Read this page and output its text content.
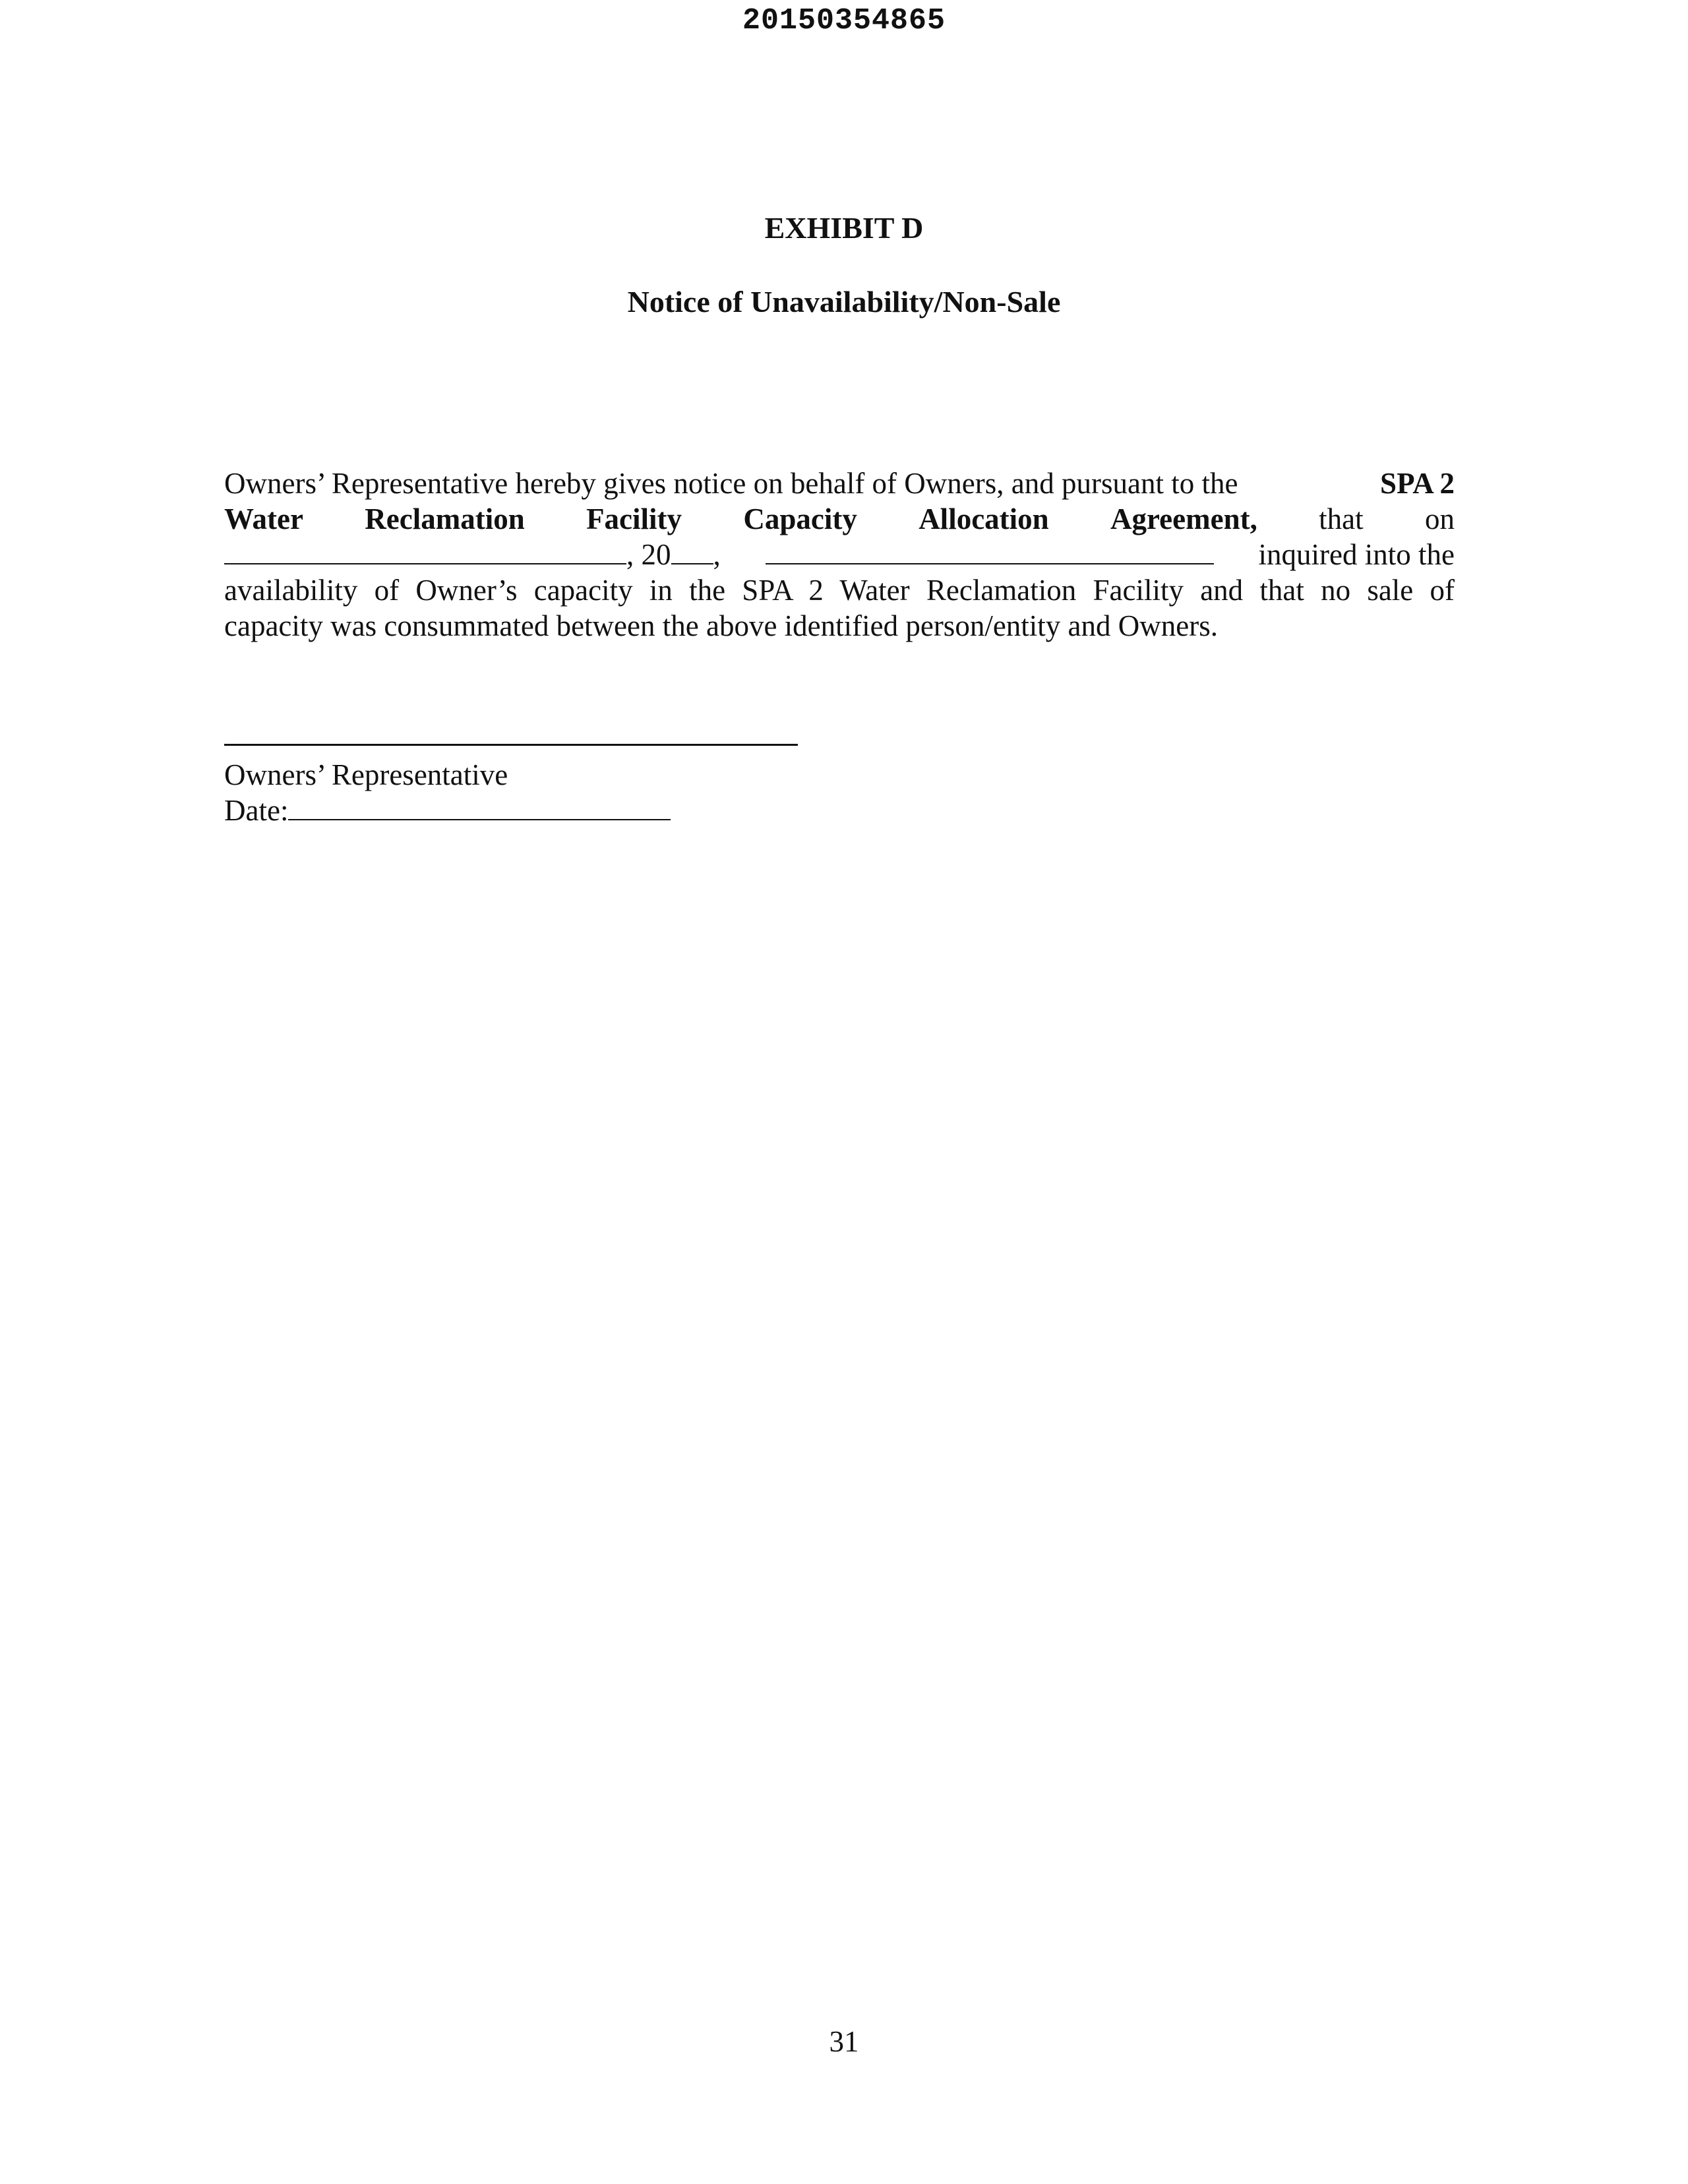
20150354865
EXHIBIT D
Notice of Unavailability/Non-Sale
Owners’ Representative hereby gives notice on behalf of Owners, and pursuant to the	SPA 2
Water Reclamation Facility Capacity Allocation Agreement, that on
, 20 ,	inquired into the
availability of Owner’s capacity in the SPA 2 Water Reclamation Facility and that no sale of
capacity was consummated between the above identified person/entity and Owners.
Owners’ Representative
Date:
31
